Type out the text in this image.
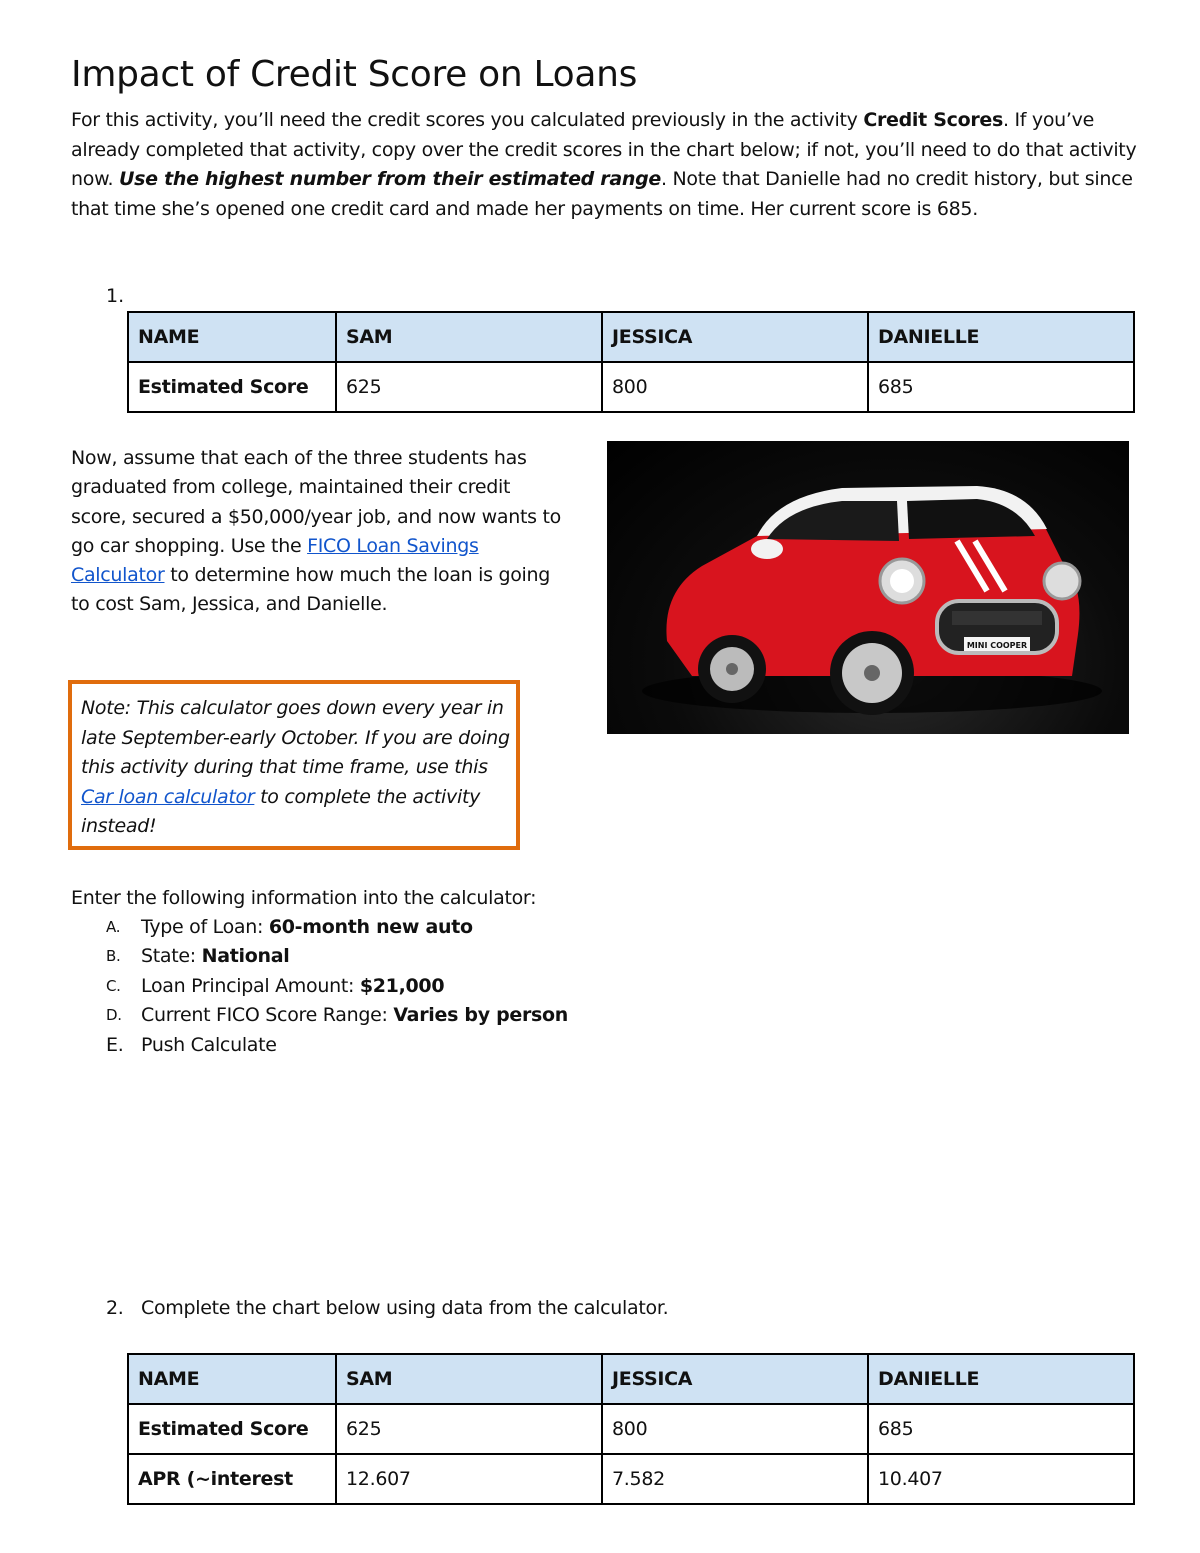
Impact of Credit Score on Loans

For this activity, you’ll need the credit scores you calculated previously in the activity Credit Scores. If you’ve already completed that activity, copy over the credit scores in the chart below; if not, you’ll need to do that activity now. Use the highest number from their estimated range. Note that Danielle had no credit history, but since that time she’s opened one credit card and made her payments on time. Her current score is 685.

1.
NAME	SAM	JESSICA	DANIELLE
Estimated Score	625	800	685

Now, assume that each of the three students has graduated from college, maintained their credit score, secured a $50,000/year job, and now wants to go car shopping. Use the FICO Loan Savings Calculator to determine how much the loan is going to cost Sam, Jessica, and Danielle.

MINI COOPER

Note: This calculator goes down every year in late September-early October. If you are doing this activity during that time frame, use this Car loan calculator to complete the activity instead!

Enter the following information into the calculator:
A.	Type of Loan: 60-month new auto
B.	State: National
C.	Loan Principal Amount: $21,000
D.	Current FICO Score Range: Varies by person
E. Push Calculate
2. Complete the chart below using data from the calculator.
NAME	SAM	JESSICA	DANIELLE
Estimated Score	625	800	685
APR (~interest	12.607	7.582	10.407
